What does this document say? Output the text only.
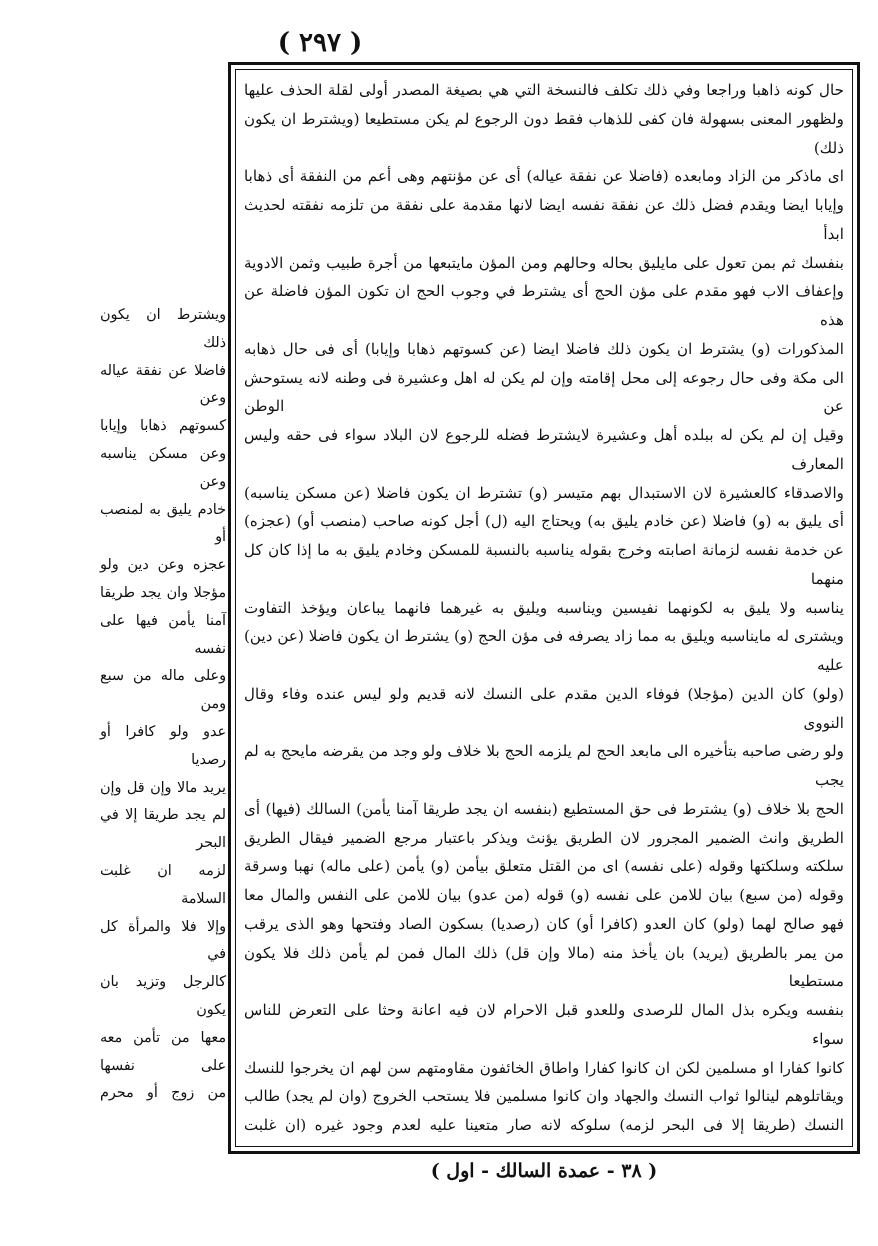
( ٢٩٧ )

ويشترط ان يكون ذلك

فاضلا عن نفقة عياله وعن

كسوتهم ذهابا وإيابا

وعن مسكن يناسبه وعن

خادم يليق به لمنصب أو

عجزه وعن دين ولو

مؤجلا وان يجد طريقا

آمنا يأمن فيها على نفسه

وعلى ماله من سبع ومن

عدو ولو كافرا أو رصديا

يريد مالا وإن قل وإن

لم يجد طريقا إلا في البحر

لزمه ان غلبت السلامة

وإلا فلا والمرأة كل في

كالرجل وتزيد بان يكون

معها من تأمن معه على نفسها

من زوج أو محرم

حال كونه ذاهبا وراجعا وفي ذلك تكلف فالنسخة التي هي بصيغة المصدر أولى لقلة الحذف عليها

ولظهور المعنى بسهولة فان كفى للذهاب فقط دون الرجوع لم يكن مستطيعا (ويشترط ان يكون ذلك)

اى ماذكر من الزاد ومابعده (فاضلا عن نفقة عياله) أى عن مؤنتهم وهى أعم من النفقة أى ذهابا

وإيابا ايضا ويقدم فضل ذلك عن نفقة نفسه ايضا لانها مقدمة على نفقة من تلزمه نفقته لحديث ابدأ

بنفسك ثم بمن تعول على مايليق بحاله وحالهم ومن المؤن مايتبعها من أجرة طبيب وثمن الادوية

وإعفاف الاب فهو مقدم على مؤن الحج أى يشترط في وجوب الحج ان تكون المؤن فاضلة عن هذه

المذكورات (و) يشترط ان يكون ذلك فاضلا ايضا (عن كسوتهم ذهابا وإيابا) أى فى حال ذهابه

الى مكة وفى حال رجوعه إلى محل إقامته وإن لم يكن له اهل وعشيرة فى وطنه لانه يستوحش عن الوطن

وقيل إن لم يكن له ببلده أهل وعشيرة لايشترط فضله للرجوع لان البلاد سواء فى حقه وليس المعارف

والاصدقاء كالعشيرة لان الاستبدال بهم متيسر (و) تشترط ان يكون فاضلا (عن مسكن يناسبه)

أى يليق به (و) فاضلا (عن خادم يليق به) ويحتاج اليه (ل) أجل كونه صاحب (منصب أو) (عجزه)

عن خدمة نفسه لزمانة اصابته وخرج بقوله يناسبه بالنسبة للمسكن وخادم يليق به ما إذا كان كل منهما

يناسبه ولا يليق به لكونهما نفيسين ويناسبه ويليق به غيرهما فانهما يباعان ويؤخذ التفاوت

ويشترى له مايناسبه ويليق به مما زاد يصرفه فى مؤن الحج (و) يشترط ان يكون فاضلا (عن دين) عليه

(ولو) كان الدين (مؤجلا) فوفاء الدين مقدم على النسك لانه قديم ولو ليس عنده وفاء وقال النووى

ولو رضى صاحبه بتأخيره الى مابعد الحج لم يلزمه الحج بلا خلاف ولو وجد من يقرضه مايحج به لم يجب

الحج بلا خلاف (و) يشترط فى حق المستطيع (بنفسه ان يجد طريقا آمنا يأمن) السالك (فيها) أى

الطريق وانث الضمير المجرور لان الطريق يؤنث ويذكر باعتبار مرجع الضمير فيقال الطريق

سلكته وسلكتها وقوله (على نفسه) اى من القتل متعلق بيأمن (و) يأمن (على ماله) نهبا وسرقة

وقوله (من سبع) بيان للامن على نفسه (و) قوله (من عدو) بيان للامن على النفس والمال معا

فهو صالح لهما (ولو) كان العدو (كافرا أو) كان (رصديا) بسكون الصاد وفتحها وهو الذى يرقب

من يمر بالطريق (يريد) بان يأخذ منه (مالا وإن قل) ذلك المال فمن لم يأمن ذلك فلا يكون مستطيعا

بنفسه ويكره بذل المال للرصدى وللعدو قبل الاحرام لان فيه اعانة وحثا على التعرض للناس سواء

كانوا كفارا او مسلمين لكن ان كانوا كفارا واطاق الخائفون مقاومتهم سن لهم ان يخرجوا للنسك

ويقاتلوهم لينالوا ثواب النسك والجهاد وان كانوا مسلمين فلا يستحب الخروج (وان لم يجد) طالب

النسك (طريقا إلا فى البحر لزمه) سلوكه لانه صار متعينا عليه لعدم وجود غيره (ان غلبت

( ٣٨ - عمدة السالك - اول )
